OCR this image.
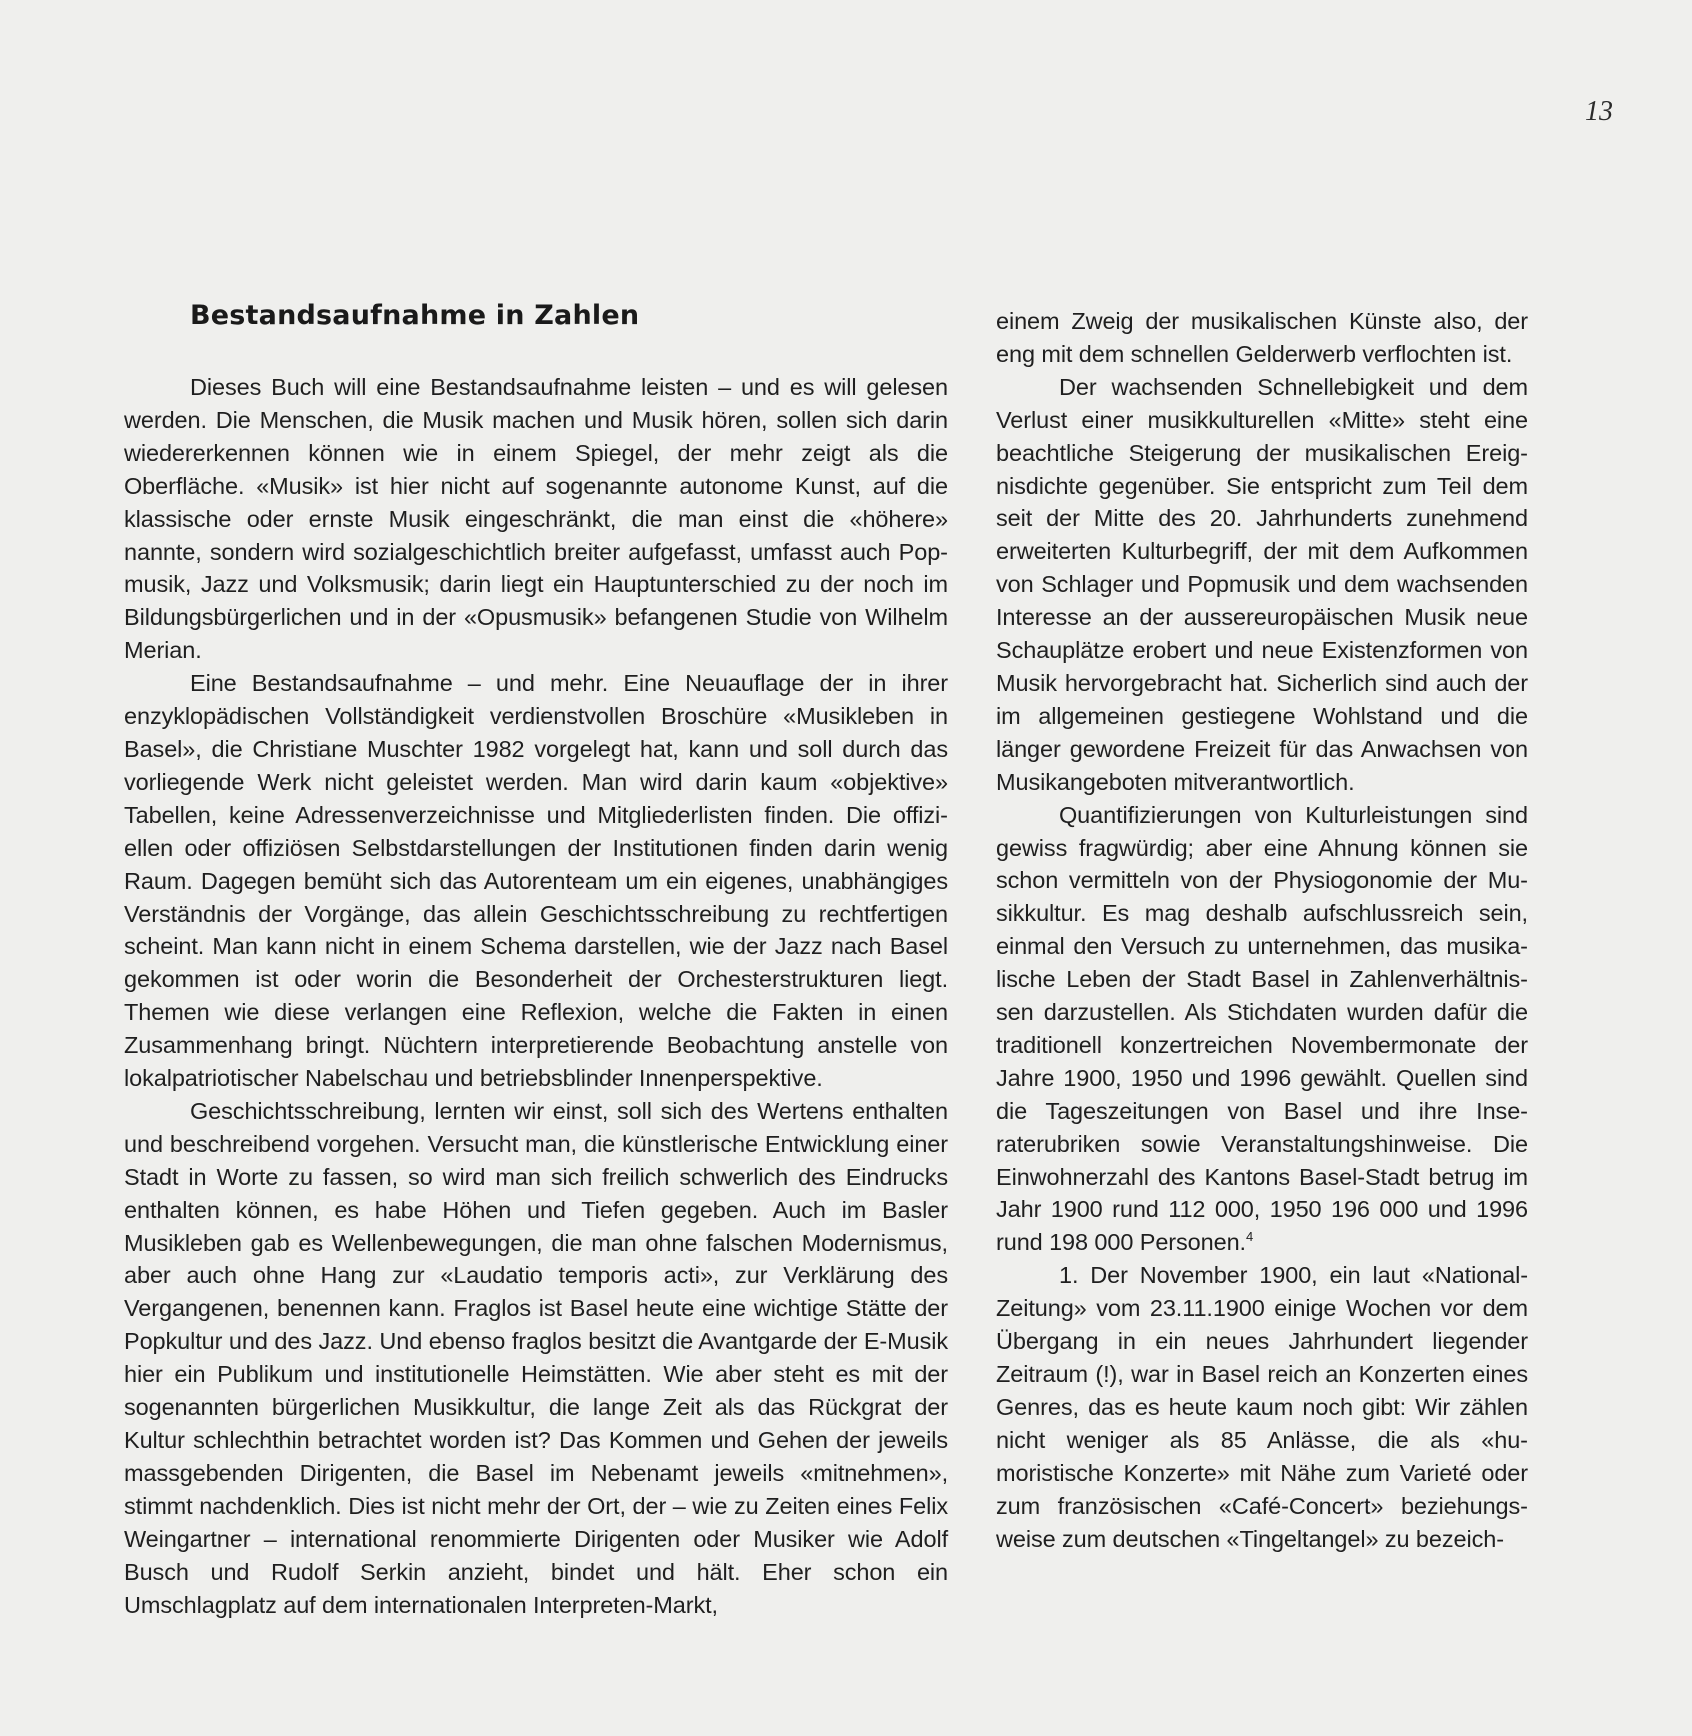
13
Bestandsaufnahme in Zahlen

Dieses Buch will eine Bestandsaufnahme leisten – und es will gelesen werden. Die Menschen, die Musik machen und Musik hören, sollen sich darin wiedererkennen können wie in einem Spiegel, der mehr zeigt als die Oberfläche. «Musik» ist hier nicht auf sogenannte autonome Kunst, auf die klassische oder ernste Musik eingeschränkt, die man einst die «höhere» nannte, sondern wird sozialgeschichtlich breiter aufgefasst, umfasst auch Popmusik, Jazz und Volksmusik; darin liegt ein Hauptunterschied zu der noch im Bildungsbürgerlichen und in der «Opusmusik» befangenen Studie von Wilhelm Merian.

Eine Bestandsaufnahme – und mehr. Eine Neuauflage der in ihrer enzyklopädischen Vollständigkeit verdienstvollen Broschüre «Musikleben in Basel», die Christiane Muschter 1982 vorgelegt hat, kann und soll durch das vorliegende Werk nicht geleistet werden. Man wird darin kaum «objektive» Tabellen, keine Adressenverzeichnisse und Mitgliederlisten finden. Die offiziellen oder offiziösen Selbstdarstellungen der Institutionen finden darin wenig Raum. Dagegen bemüht sich das Autorenteam um ein eigenes, unabhängiges Verständnis der Vorgänge, das allein Geschichtsschreibung zu rechtfertigen scheint. Man kann nicht in einem Schema darstellen, wie der Jazz nach Basel gekommen ist oder worin die Besonderheit der Orchesterstrukturen liegt. Themen wie diese verlangen eine Reflexion, welche die Fakten in einen Zusammenhang bringt. Nüchtern interpretierende Beobachtung anstelle von lokalpatriotischer Nabelschau und betriebsblinder Innenperspektive.

Geschichtsschreibung, lernten wir einst, soll sich des Wertens enthalten und beschreibend vorgehen. Versucht man, die künstlerische Entwicklung einer Stadt in Worte zu fassen, so wird man sich freilich schwerlich des Eindrucks enthalten können, es habe Höhen und Tiefen gegeben. Auch im Basler Musikleben gab es Wellenbewegungen, die man ohne falschen Modernismus, aber auch ohne Hang zur «Laudatio temporis acti», zur Verklärung des Vergangenen, benennen kann. Fraglos ist Basel heute eine wichtige Stätte der Popkultur und des Jazz. Und ebenso fraglos besitzt die Avantgarde der E-Musik hier ein Publikum und institutionelle Heimstätten. Wie aber steht es mit der sogenannten bürgerlichen Musikkultur, die lange Zeit als das Rückgrat der Kultur schlechthin betrachtet worden ist? Das Kommen und Gehen der jeweils massgebenden Dirigenten, die Basel im Nebenamt jeweils «mitnehmen», stimmt nachdenklich. Dies ist nicht mehr der Ort, der – wie zu Zeiten eines Felix Weingartner – international renommierte Dirigenten oder Musiker wie Adolf Busch und Rudolf Serkin anzieht, bindet und hält. Eher schon ein Umschlagplatz auf dem internationalen Interpreten-Markt,

einem Zweig der musikalischen Künste also, der eng mit dem schnellen Gelderwerb verflochten ist.

Der wachsenden Schnellebigkeit und dem Verlust einer musikkulturellen «Mitte» steht eine beachtliche Steigerung der musikalischen Ereignisdichte gegenüber. Sie entspricht zum Teil dem seit der Mitte des 20. Jahrhunderts zunehmend erweiterten Kulturbegriff, der mit dem Aufkommen von Schlager und Popmusik und dem wachsenden Interesse an der aussereuropäischen Musik neue Schauplätze erobert und neue Existenzformen von Musik hervorgebracht hat. Sicherlich sind auch der im allgemeinen gestiegene Wohlstand und die länger gewordene Freizeit für das Anwachsen von Musikangeboten mitverantwortlich.

Quantifizierungen von Kulturleistungen sind gewiss fragwürdig; aber eine Ahnung können sie schon vermitteln von der Physiogonomie der Musikkultur. Es mag deshalb aufschlussreich sein, einmal den Versuch zu unternehmen, das musikalische Leben der Stadt Basel in Zahlenverhältnissen darzustellen. Als Stichdaten wurden dafür die traditionell konzertreichen Novembermonate der Jahre 1900, 1950 und 1996 gewählt. Quellen sind die Tageszeitungen von Basel und ihre Inseraterubriken sowie Veranstaltungshinweise. Die Einwohnerzahl des Kantons Basel-Stadt betrug im Jahr 1900 rund 112 000, 1950 196 000 und 1996 rund 198 000 Personen.$^4$

1. Der November 1900, ein laut «National-Zeitung» vom 23.11.1900 einige Wochen vor dem Übergang in ein neues Jahrhundert liegender Zeitraum (!), war in Basel reich an Konzerten eines Genres, das es heute kaum noch gibt: Wir zählen nicht weniger als 85 Anlässe, die als «humoristische Konzerte» mit Nähe zum Varieté oder zum französischen «Café-Concert» beziehungsweise zum deutschen «Tingeltangel» zu bezeich-
